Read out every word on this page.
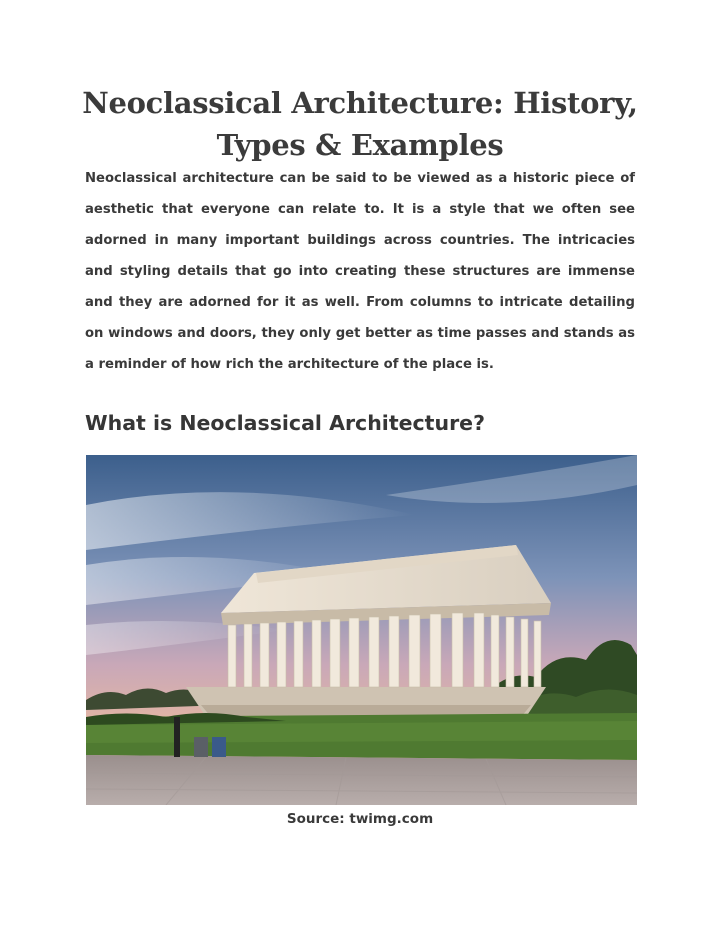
Neoclassical Architecture: History,
Types & Examples

Neoclassical architecture can be said to be viewed as a historic piece of aesthetic that everyone can relate to. It is a style that we often see adorned in many important buildings across countries. The intricacies and styling details that go into creating these structures are immense and they are adorned for it as well. From columns to intricate detailing on windows and doors, they only get better as time passes and stands as a reminder of how rich the architecture of the place is.

What is Neoclassical Architecture?
Source: twimg.com
